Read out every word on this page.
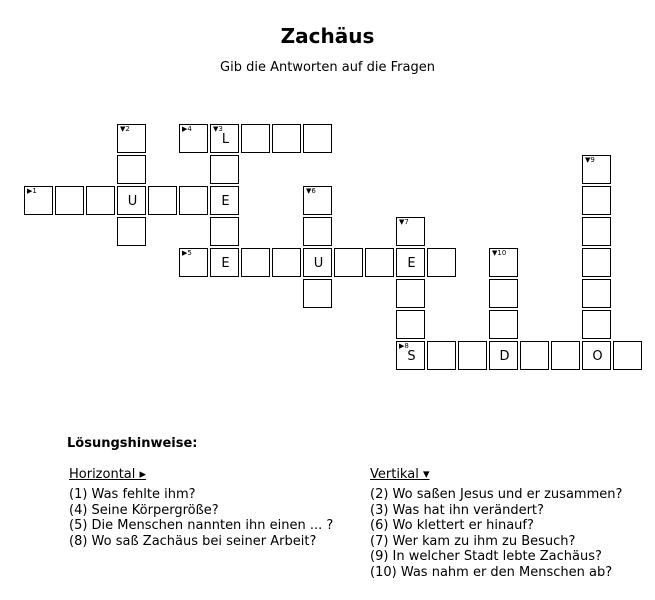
Zachäus
Gib die Antworten auf die Fragen
▼2	▶4	▼3
L
▼9
▶1
U	E
▼6
▼7
▶5
E	U	E
▼10
▶8
S	D	O
Lösungshinweise:
Horizontal ▸	Vertikal ▾
(1) Was fehlte ihm?
(4) Seine Körpergröße?
(5) Die Menschen nannten ihn einen ... ?
(8) Wo saß Zachäus bei seiner Arbeit?
(2) Wo saßen Jesus und er zusammen?
(3) Was hat ihn verändert?
(6) Wo klettert er hinauf?
(7) Wer kam zu ihm zu Besuch?
(9) In welcher Stadt lebte Zachäus?
(10) Was nahm er den Menschen ab?
